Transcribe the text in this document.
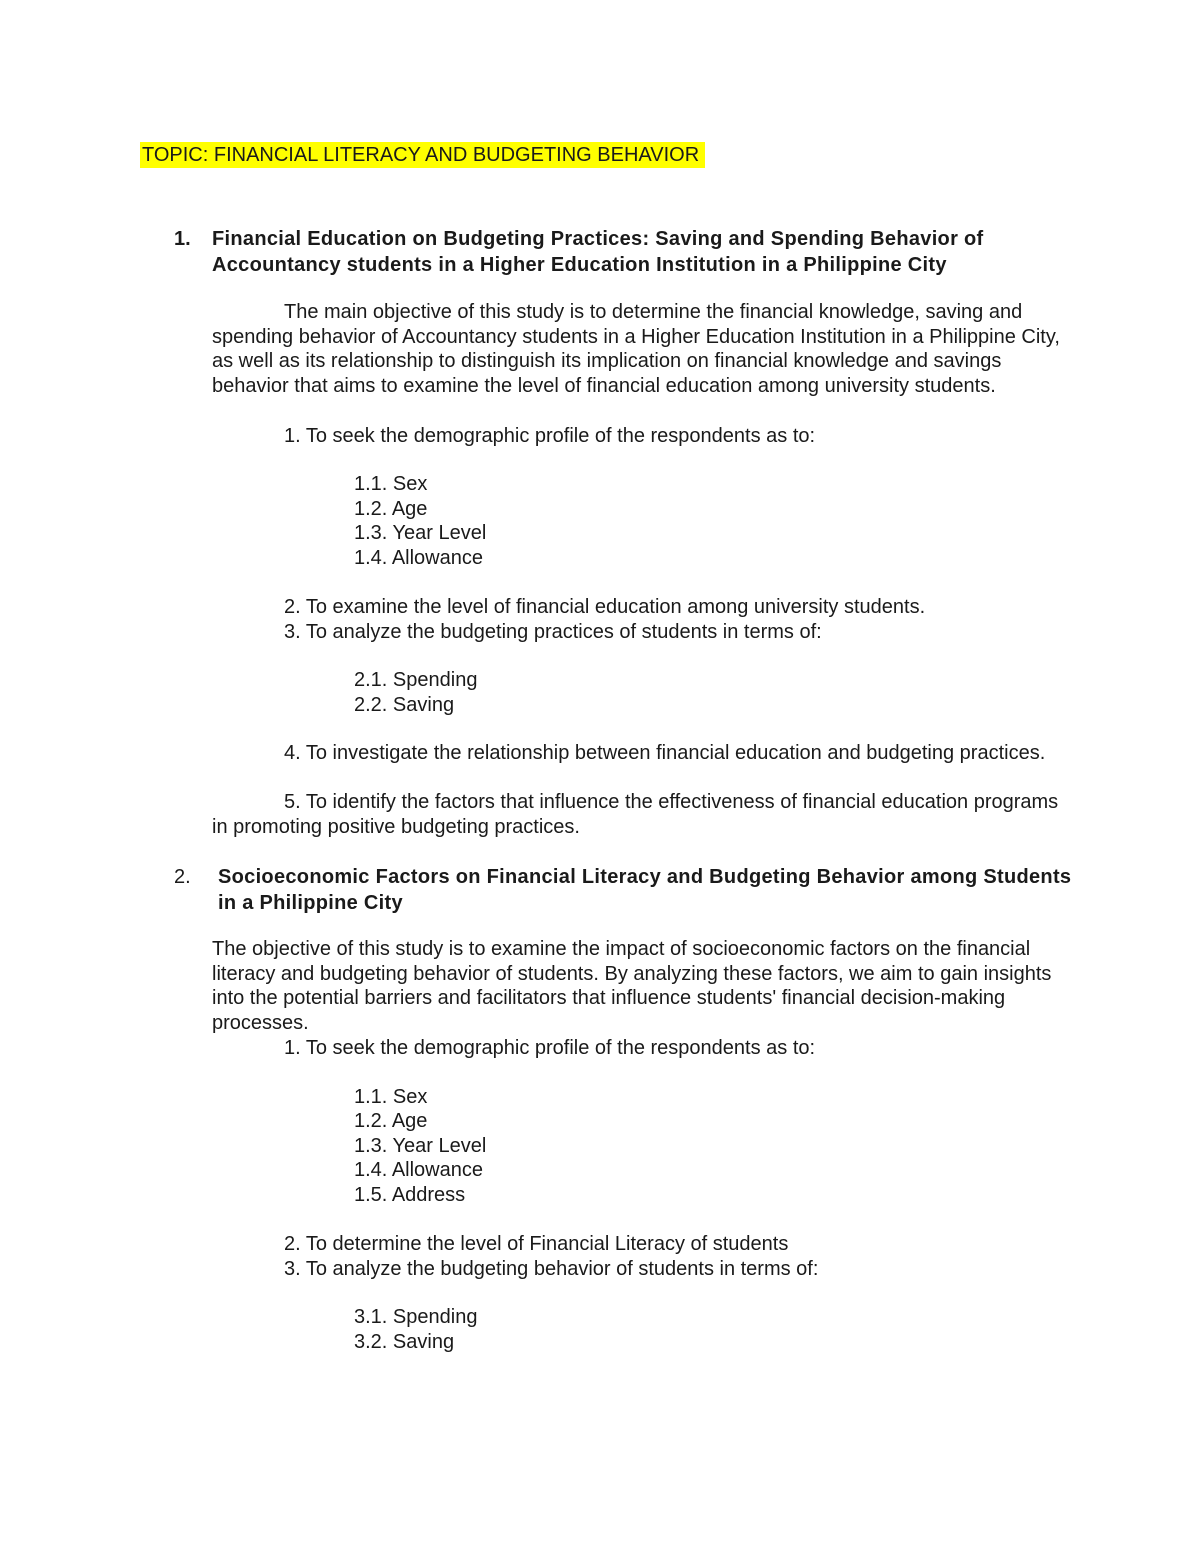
TOPIC: FINANCIAL LITERACY AND BUDGETING BEHAVIOR
1. Financial Education on Budgeting Practices: Saving and Spending Behavior of Accountancy students in a Higher Education Institution in a Philippine City
The main objective of this study is to determine the financial knowledge, saving and spending behavior of Accountancy students in a Higher Education Institution in a Philippine City, as well as its relationship to distinguish its implication on financial knowledge and savings behavior that aims to examine the level of financial education among university students.
1. To seek the demographic profile of the respondents as to:
1.1. Sex
1.2. Age
1.3. Year Level
1.4. Allowance
2. To examine the level of financial education among university students.
3. To analyze the budgeting practices of students in terms of:
2.1. Spending
2.2. Saving
4. To investigate the relationship between financial education and budgeting practices.
5. To identify the factors that influence the effectiveness of financial education programs in promoting positive budgeting practices.
2. Socioeconomic Factors on Financial Literacy and Budgeting Behavior among Students in a Philippine City
The objective of this study is to examine the impact of socioeconomic factors on the financial literacy and budgeting behavior of students. By analyzing these factors, we aim to gain insights into the potential barriers and facilitators that influence students' financial decision-making processes.
1. To seek the demographic profile of the respondents as to:
1.1. Sex
1.2. Age
1.3. Year Level
1.4. Allowance
1.5. Address
2. To determine the level of Financial Literacy of students
3. To analyze the budgeting behavior of students in terms of:
3.1. Spending
3.2. Saving
